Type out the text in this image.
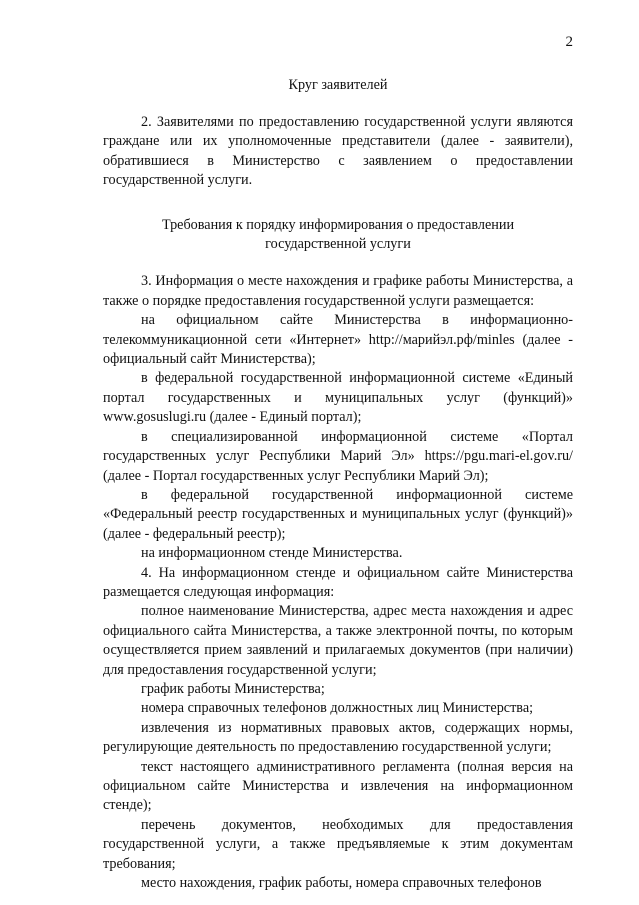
2
Круг заявителей

2. Заявителями по предоставлению государственной услуги являются граждане или их уполномоченные представители (далее - заявители), обратившиеся в Министерство с заявлением о предоставлении государственной услуги.

Требования к порядку информирования о предоставлении
государственной услуги

3. Информация о месте нахождения и графике работы Министерства, а также о порядке предоставления государственной услуги размещается:

на официальном сайте Министерства в информационно-телекоммуникационной сети «Интернет» http://марийэл.рф/minles (далее - официальный сайт Министерства);

в федеральной государственной информационной системе «Единый портал государственных и муниципальных услуг (функций)» www.gosuslugi.ru (далее - Единый портал);

в специализированной информационной системе «Портал государственных услуг Республики Марий Эл» https://pgu.mari-el.gov.ru/ (далее - Портал государственных услуг Республики Марий Эл);

в федеральной государственной информационной системе «Федеральный реестр государственных и муниципальных услуг (функций)» (далее - федеральный реестр);

на информационном стенде Министерства.

4. На информационном стенде и официальном сайте Министерства размещается следующая информация:

полное наименование Министерства, адрес места нахождения и адрес официального сайта Министерства, а также электронной почты, по которым осуществляется прием заявлений и прилагаемых документов (при наличии) для предоставления государственной услуги;

график работы Министерства;

номера справочных телефонов должностных лиц Министерства;

извлечения из нормативных правовых актов, содержащих нормы, регулирующие деятельность по предоставлению государственной услуги;

текст настоящего административного регламента (полная версия на официальном сайте Министерства и извлечения на информационном стенде);

перечень документов, необходимых для предоставления государственной услуги, а также предъявляемые к этим документам требования;

место нахождения, график работы, номера справочных телефонов
